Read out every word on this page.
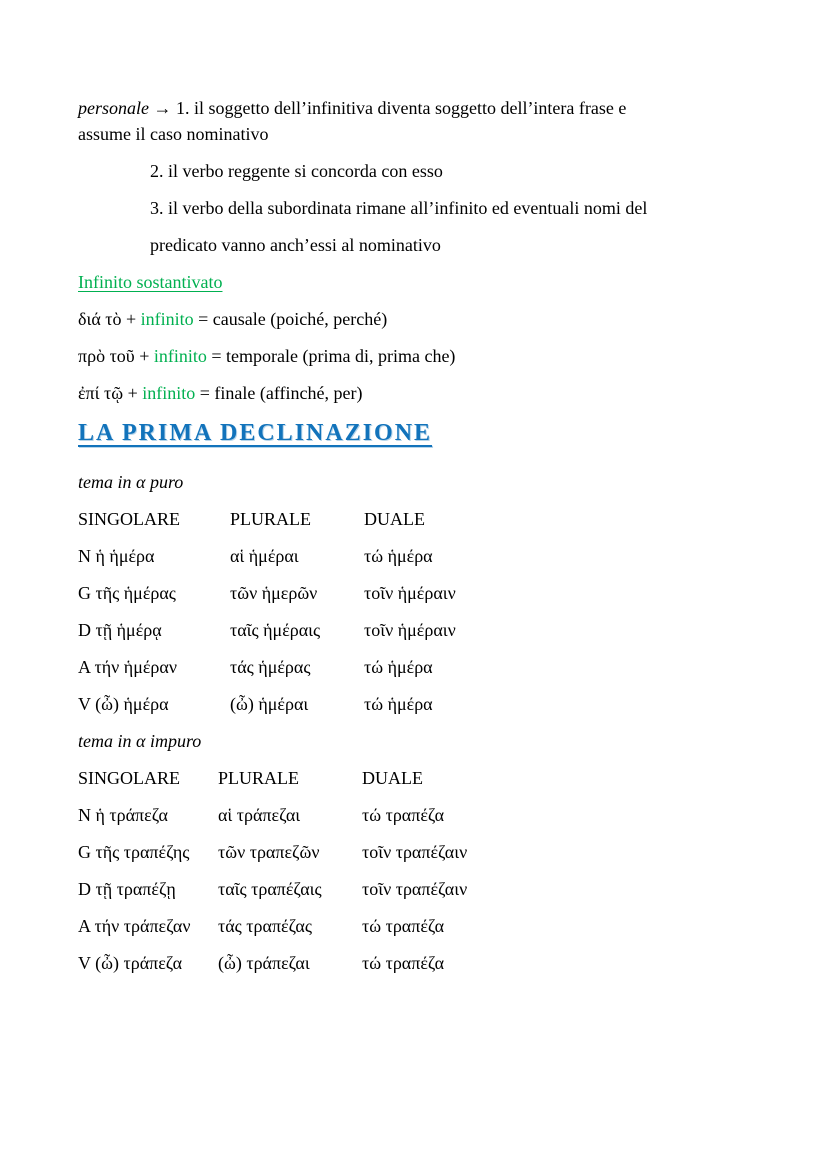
personale → 1. il soggetto dell’infinitiva diventa soggetto dell’intera frase e
assume il caso nominativo
2. il verbo reggente si concorda con esso
3. il verbo della subordinata rimane all’infinito ed eventuali nomi del
predicato vanno anch’essi al nominativo
Infinito sostantivato
διά τὸ + infinito = causale (poiché, perché)
πρὸ τοῦ + infinito = temporale (prima di, prima che)
ἐπί τῷ + infinito = finale (affinché, per)
LA PRIMA DECLINAZIONE
tema in α puro
SINGOLARE	PLURALE	DUALE
N ἡ ἡμέρα	αἱ ἡμέραι	τώ ἡμέρα
G τῆς ἡμέρας	τῶν ἡμερῶν	τοῖν ἡμέραιν
D τῇ ἡμέρᾳ	ταῖς ἡμέραις	τοῖν ἡμέραιν
A τήν ἡμέραν	τάς ἡμέρας	τώ ἡμέρα
V (ὦ) ἡμέρα	(ὦ) ἡμέραι	τώ ἡμέρα
tema in α impuro
SINGOLARE	PLURALE	DUALE
N ἡ τράπεζα	αἱ τράπεζαι	τώ τραπέζα
G τῆς τραπέζης	τῶν τραπεζῶν	τοῖν τραπέζαιν
D τῇ τραπέζῃ	ταῖς τραπέζαις	τοῖν τραπέζαιν
A τήν τράπεζαν	τάς τραπέζας	τώ τραπέζα
V (ὦ) τράπεζα	(ὦ) τράπεζαι	τώ τραπέζα
